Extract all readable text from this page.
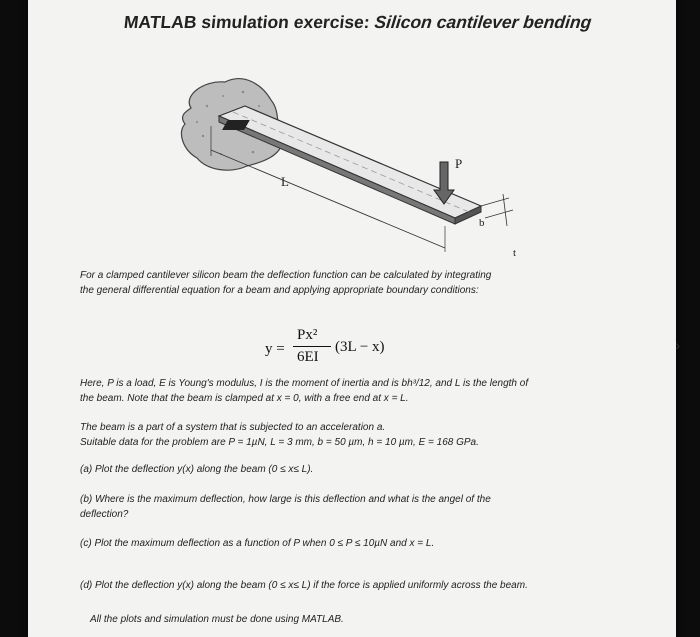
MATLAB simulation exercise: Silicon cantilever bending
P
L
b
t

For a clamped cantilever silicon beam the deflection function can be calculated by integrating

the general differential equation for a beam and applying appropriate boundary conditions:

y =
Px²
6EI
(3L − x)

Here, P is a load, E is Young's modulus, I is the moment of inertia and is bh³/12, and L is the length of

the beam. Note that the beam is clamped at x = 0, with a free end at x = L.

The beam is a part of a system that is subjected to an acceleration a.

Suitable data for the problem are P = 1µN, L = 3 mm, b = 50 µm, h = 10 µm, E = 168 GPa.

(a) Plot the deflection y(x) along the beam (0 ≤ x≤ L).

(b) Where is the maximum deflection, how large is this deflection and what is the angel of the

deflection?

(c) Plot the maximum deflection as a function of P when 0 ≤ P ≤ 10µN and x = L.

(d) Plot the deflection y(x) along the beam (0 ≤ x≤ L) if the force is applied uniformly across the beam.

All the plots and simulation must be done using MATLAB.

›
